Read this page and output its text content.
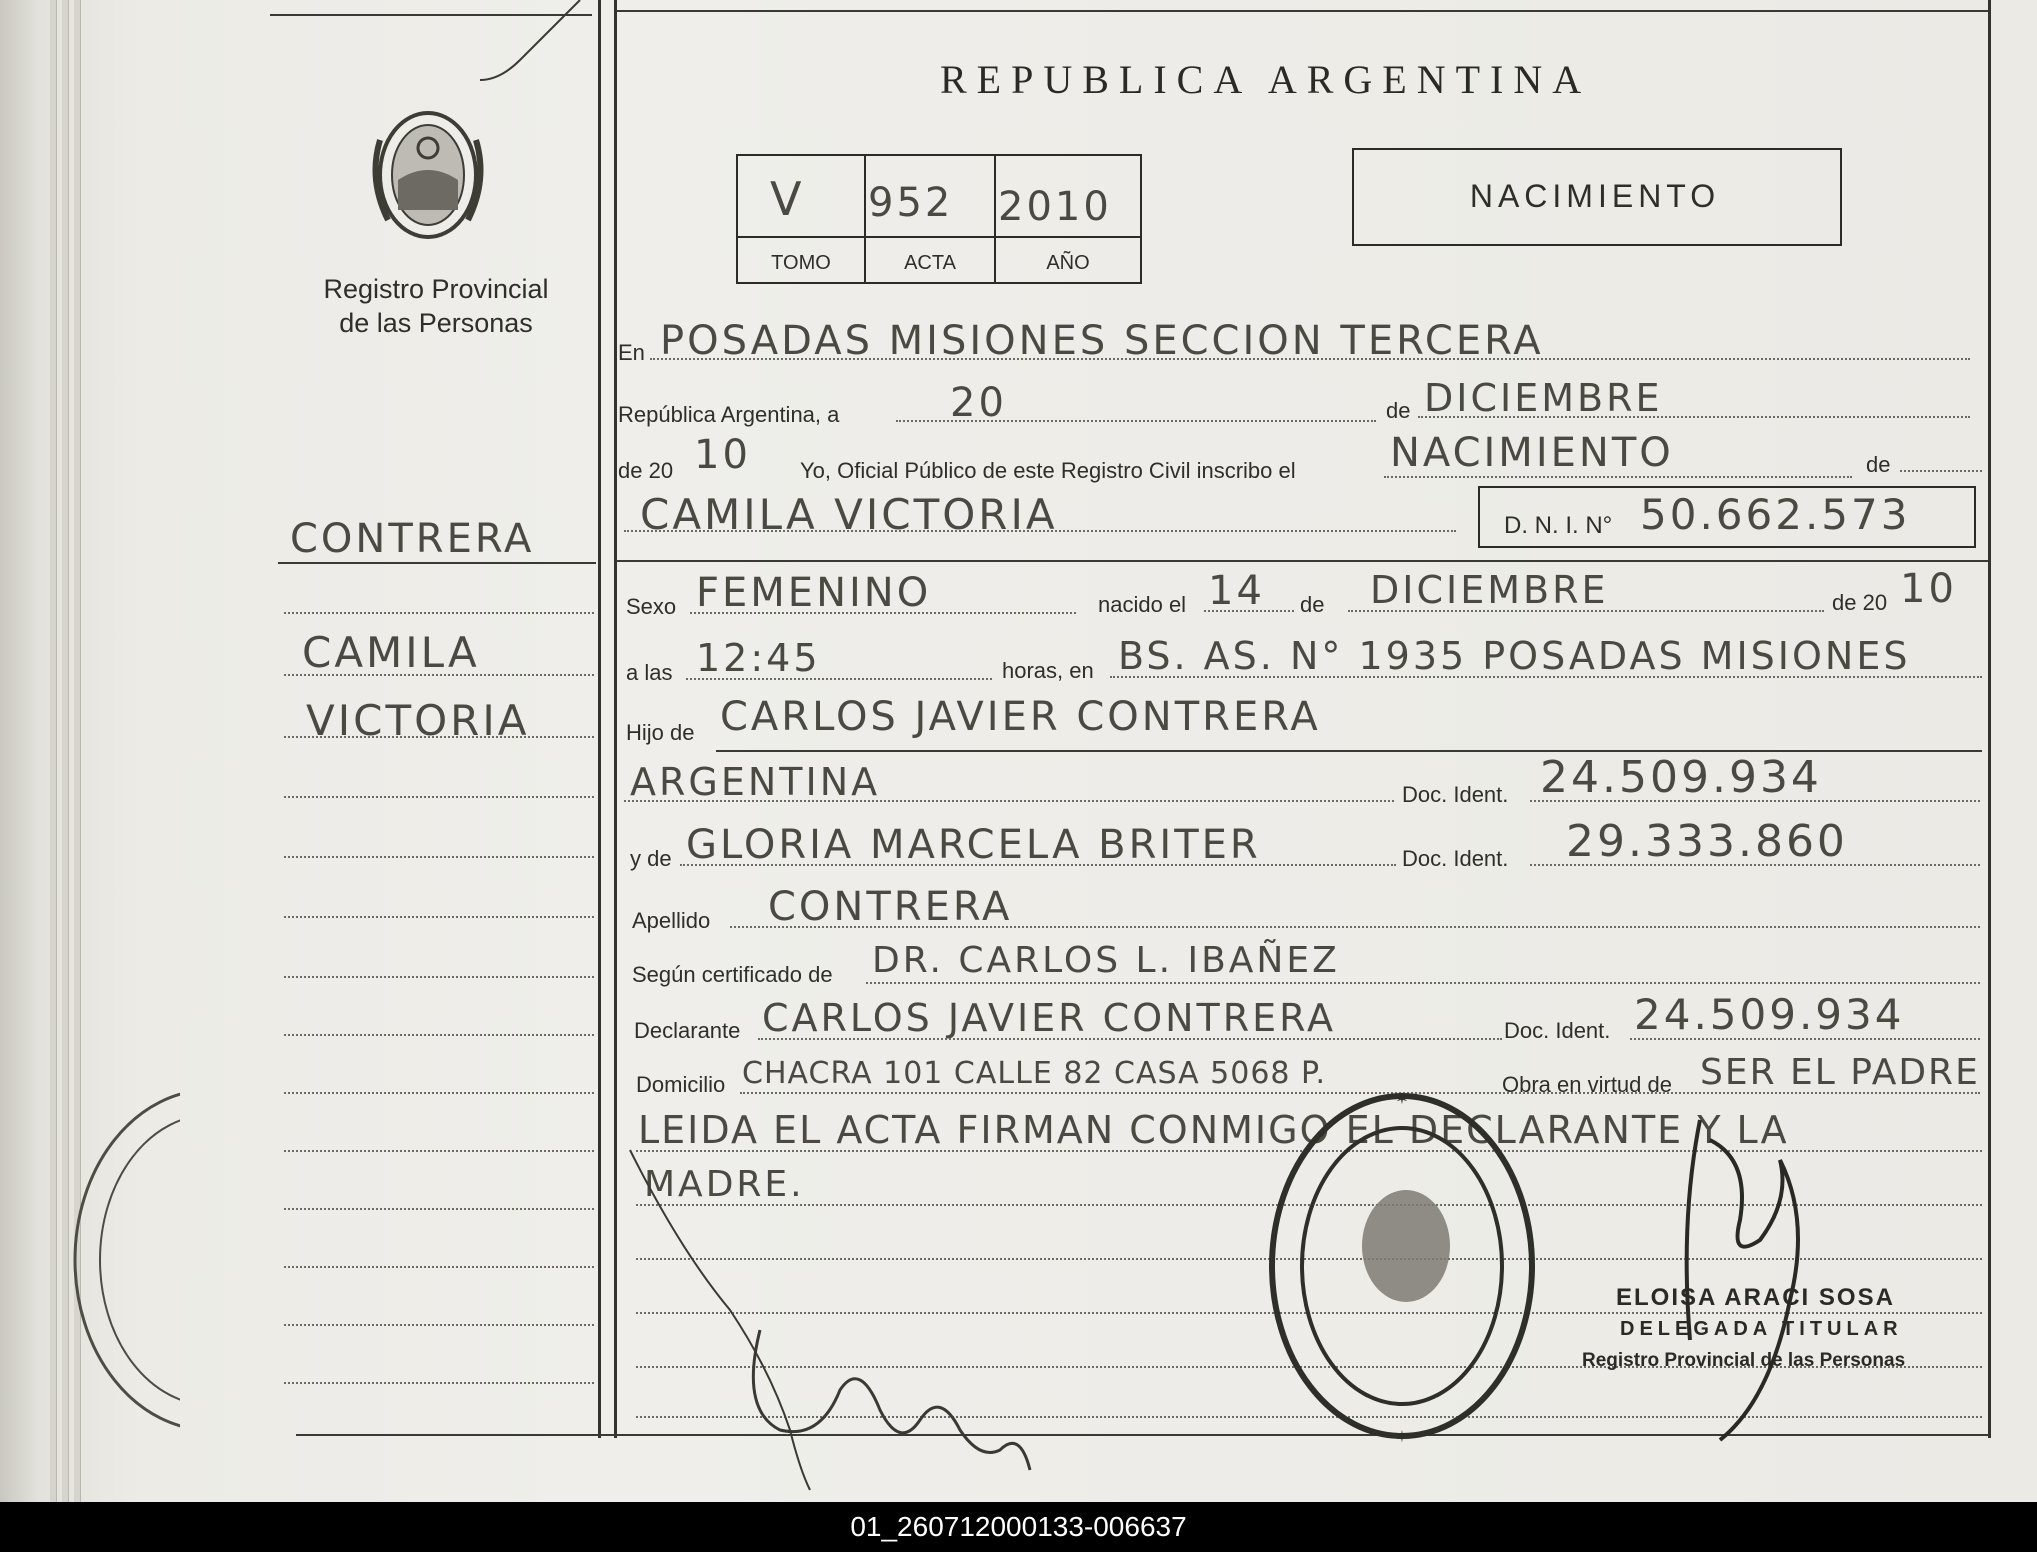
Registro Provincial
de las Personas
REPUBLICA ARGENTINA
V 952 2010
TOMO	ACTA	AÑO
NACIMIENTO
CONTRERA
CAMILA
VICTORIA
En POSADAS MISIONES SECCION TERCERA
República Argentina, a	20	de DICIEMBRE
de 20 10 Yo, Oficial Público de este Registro Civil inscribo el NACIMIENTO	de
CAMILA VICTORIA	D. N. I. N° 50.662.573
Sexo FEMENINO	nacido el 14 de DICIEMBRE	de 20 10
a las 12:45	horas, en BS. AS. N° 1935 POSADAS MISIONES
Hijo de CARLOS JAVIER CONTRERA
ARGENTINA	Doc. Ident. 24.509.934
y de GLORIA MARCELA BRITER	Doc. Ident. 29.333.860
Apellido CONTRERA
Según certificado de DR. CARLOS L. IBAÑEZ
Declarante CARLOS JAVIER CONTRERA	Doc. Ident. 24.509.934
Domicilio CHACRA 101 CALLE 82 CASA 5068 P.	Obra en virtud de SER EL PADRE
LEIDA EL ACTA FIRMAN CONMIGO EL DECLARANTE Y LA
MADRE.
✶
✶
ELOISA ARACI SOSA
DELEGADA TITULAR
Registro Provincial de las Personas
01_260712000133-006637
